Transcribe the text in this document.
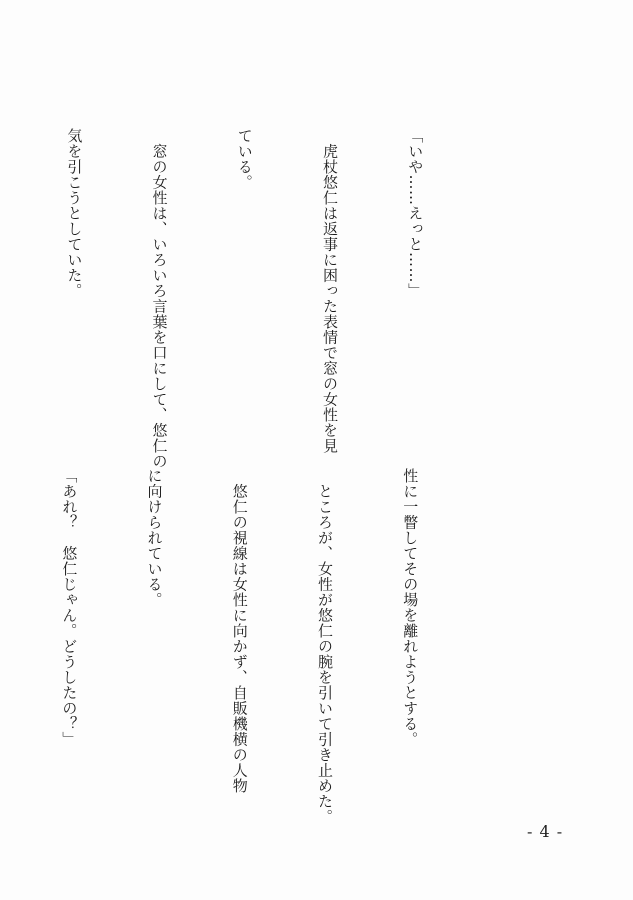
「いや……えっと……」

　虎杖悠仁は返事に困った表情で窓の女性を見

ている。

　窓の女性は、いろいろ言葉を口にして、悠仁の

気を引こうとしていた。

性に一瞥してその場を離れようとする。

　ところが、女性が悠仁の腕を引いて引き止めた。

　悠仁の視線は女性に向かず、自販機横の人物

に向けられている。

「あれ？　悠仁じゃん。どうしたの？」

- 4 -
